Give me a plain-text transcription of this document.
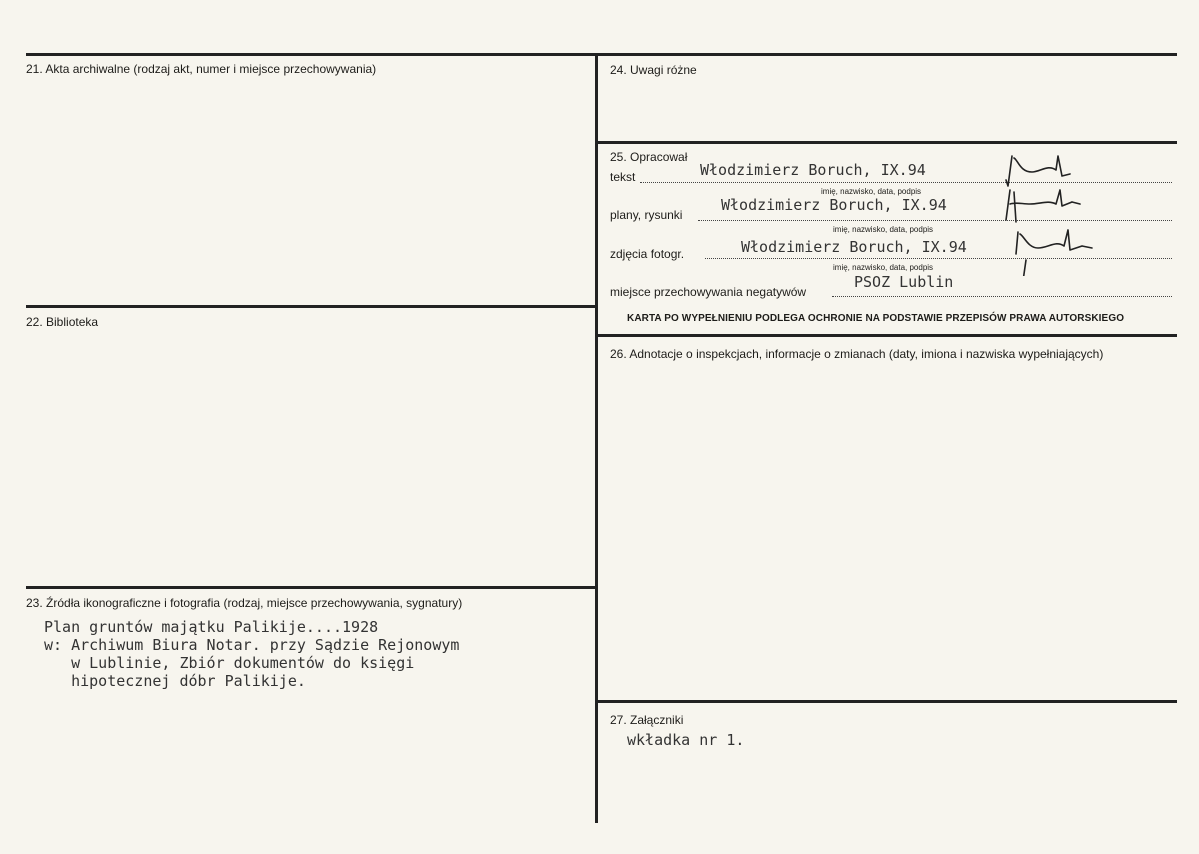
21. Akta archiwalne (rodzaj akt, numer i miejsce przechowywania)
22. Biblioteka
23. Źródła ikonograficzne i fotografia (rodzaj, miejsce przechowywania, sygnatury)
Plan gruntów majątku Palikije....1928
w: Archiwum Biura Notar. przy Sądzie Rejonowym
w Lublinie, Zbiór dokumentów do księgi
hipotecznej dóbr Palikije.
24. Uwagi różne
25. Opracował
tekst	Włodzimierz Boruch, IX.94
imię, nazwisko, data, podpis
plany, rysunki
Włodzimierz Boruch, IX.94
imię, nazwisko, data, podpis
zdjęcia fotogr.	Włodzimierz Boruch, IX.94
imię, nazwisko, data, podpis
miejsce przechowywania negatywów
PSOZ Lublin
KARTA PO WYPEŁNIENIU PODLEGA OCHRONIE NA PODSTAWIE PRZEPISÓW PRAWA AUTORSKIEGO
26. Adnotacje o inspekcjach, informacje o zmianach (daty, imiona i nazwiska wypełniających)
27. Załączniki
wkładka nr 1.
